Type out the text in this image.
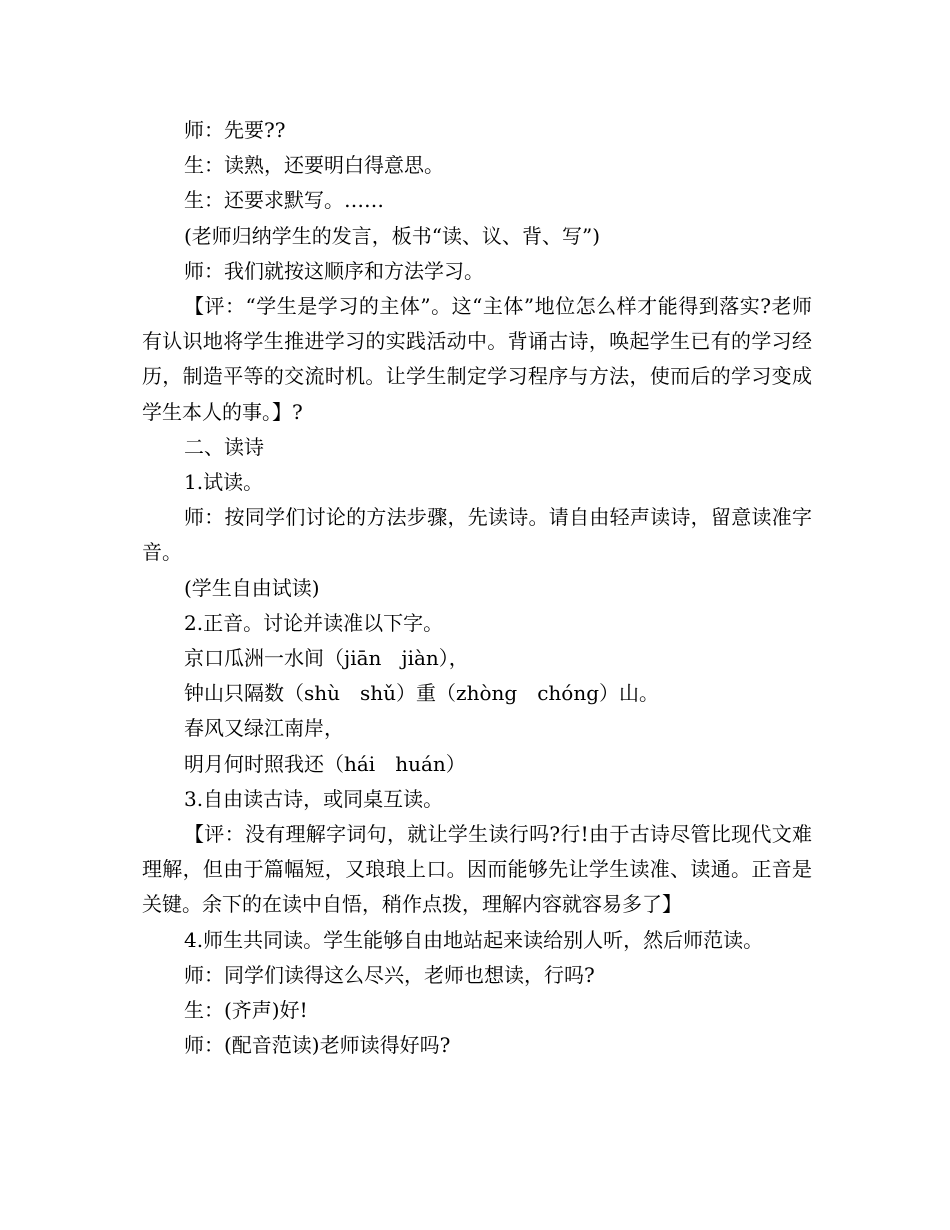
师：先要??

生：读熟，还要明白得意思。

生：还要求默写。……

(老师归纳学生的发言，板书“读、议、背、写”)

师：我们就按这顺序和方法学习。

【评：“学生是学习的主体”。这“主体”地位怎么样才能得到落实?老师有认识地将学生推进学习的实践活动中。背诵古诗，唤起学生已有的学习经历，制造平等的交流时机。让学生制定学习程序与方法，使而后的学习变成学生本人的事。】?

二、读诗

1.试读。

师：按同学们讨论的方法步骤，先读诗。请自由轻声读诗，留意读准字音。

(学生自由试读)

2.正音。讨论并读准以下字。

京口瓜洲一水间（jiān　jiàn），

钟山只隔数（shù　shǔ）重（zhòng　chóng）山。

春风又绿江南岸，

明月何时照我还（hái　huán）

3.自由读古诗，或同桌互读。

【评：没有理解字词句，就让学生读行吗?行!由于古诗尽管比现代文难理解，但由于篇幅短，又琅琅上口。因而能够先让学生读准、读通。正音是关键。余下的在读中自悟，稍作点拨，理解内容就容易多了】

4.师生共同读。学生能够自由地站起来读给别人听，然后师范读。

师：同学们读得这么尽兴，老师也想读，行吗?

生：(齐声)好!

师：(配音范读)老师读得好吗?
